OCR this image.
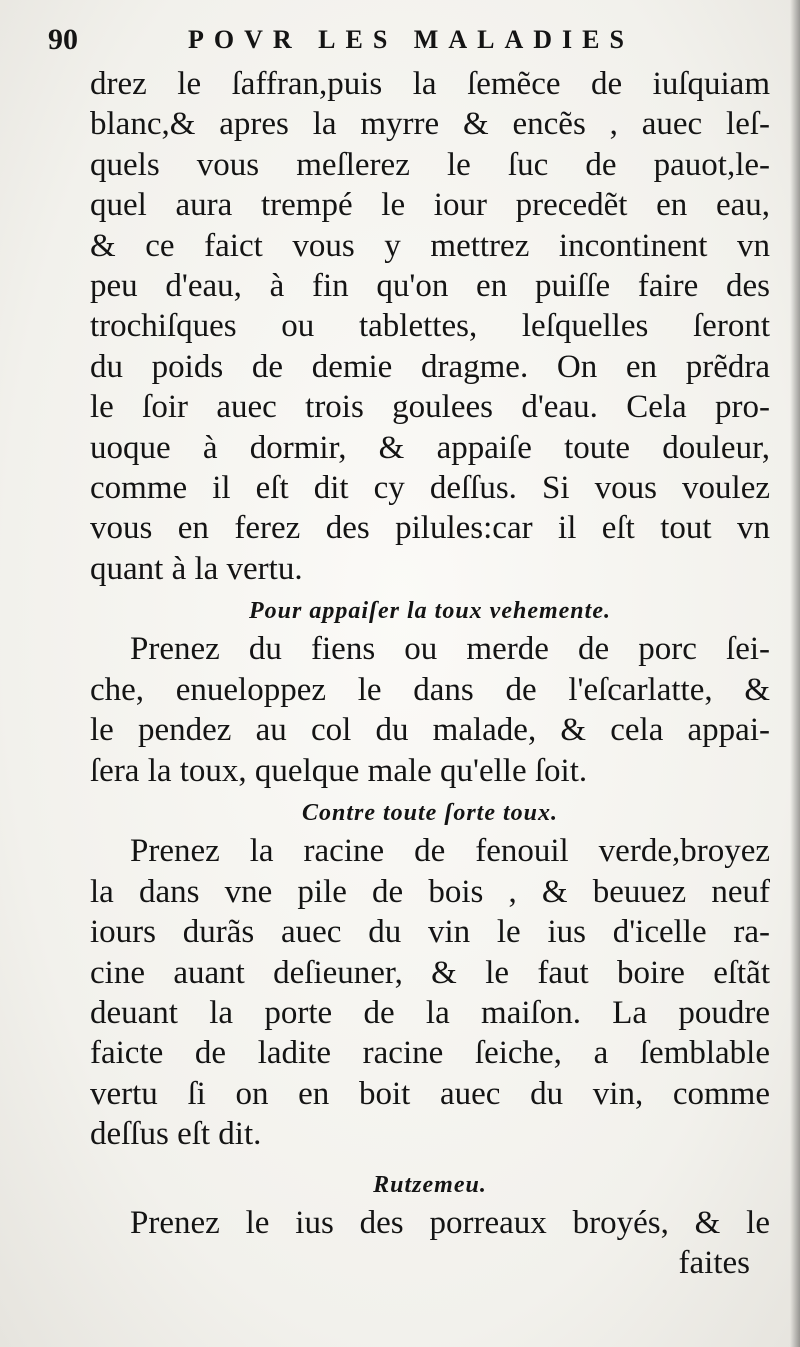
90	POVR LES MALADIES
drez le ſaffran,puis la ſemẽce de iuſquiam
blanc,& apres la myrre & encẽs , auec leſ-
quels vous meſlerez le ſuc de pauot,le-
quel aura trempé le iour precedẽt en eau,
& ce faict vous y mettrez incontinent vn
peu d'eau, à fin qu'on en puiſſe faire des
trochiſques ou tablettes, leſquelles ſeront
du poids de demie dragme. On en prẽdra
le ſoir auec trois goulees d'eau. Cela pro-
uoque à dormir, & appaiſe toute douleur,
comme il eſt dit cy deſſus. Si vous voulez
vous en ferez des pilules:car il eſt tout vn
quant à la vertu.
Pour appaiſer la toux vehemente.
Prenez du fiens ou merde de porc ſei-
che, enueloppez le dans de l'eſcarlatte, &
le pendez au col du malade, & cela appai-
ſera la toux, quelque male qu'elle ſoit.
Contre toute ſorte toux.
Prenez la racine de fenouil verde,broyez
la dans vne pile de bois , & beuuez neuf
iours durãs auec du vin le ius d'icelle ra-
cine auant deſieuner, & le faut boire eſtãt
deuant la porte de la maiſon. La poudre
faicte de ladite racine ſeiche, a ſemblable
vertu ſi on en boit auec du vin, comme
deſſus eſt dit.
Rutzemeu.
Prenez le ius des porreaux broyés, & le
faites
